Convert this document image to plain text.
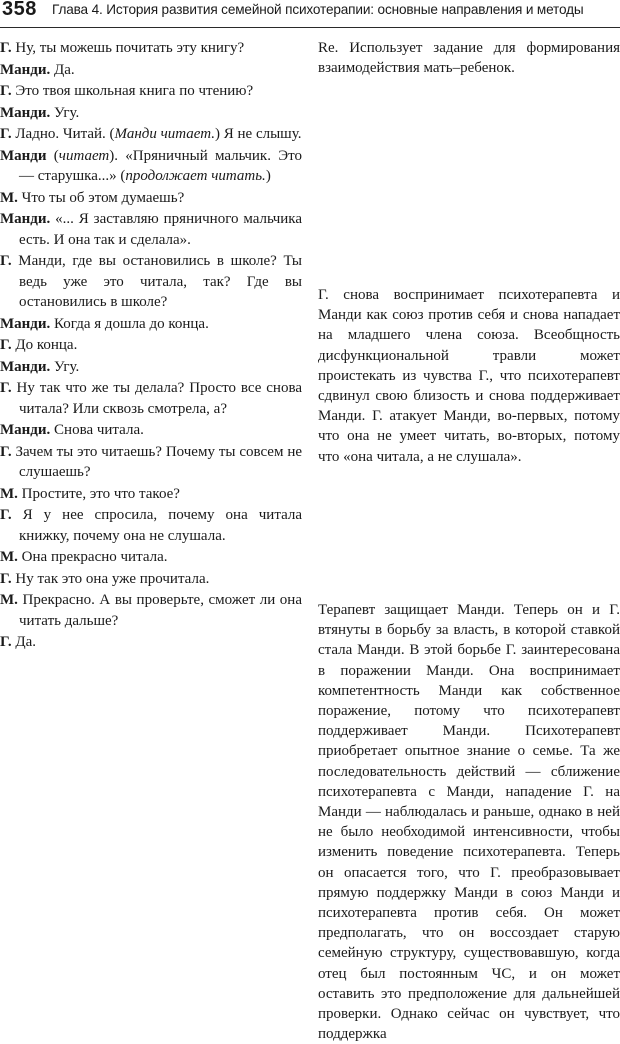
358 Глава 4. История развития семейной психотерапии: основные направления и методы
Г. Ну, ты можешь почитать эту книгу?
Манди. Да.
Г. Это твоя школьная книга по чтению?
Манди. Угу.
Г. Ладно. Читай. (Манди читает.) Я не слышу.
Манди (читает). «Пряничный мальчик. Это — старушка...» (продолжает читать.)
М. Что ты об этом думаешь?
Манди. «... Я заставляю пряничного мальчика есть. И она так и сделала».
Г. Манди, где вы остановились в школе? Ты ведь уже это читала, так? Где вы остановились в школе?
Манди. Когда я дошла до конца.
Г. До конца.
Манди. Угу.
Г. Ну так что же ты делала? Просто все снова читала? Или сквозь смотрела, а?
Манди. Снова читала.
Г. Зачем ты это читаешь? Почему ты совсем не слушаешь?
М. Простите, это что такое?
Г. Я у нее спросила, почему она читала книжку, почему она не слушала.
М. Она прекрасно читала.
Г. Ну так это она уже прочитала.
М. Прекрасно. А вы проверьте, сможет ли она читать дальше?
Г. Да.
Re. Использует задание для формирования взаимодействия мать–ребенок.
Г. снова воспринимает психотерапевта и Манди как союз против себя и снова нападает на младшего члена союза. Всеобщность дисфункциональной травли может проистекать из чувства Г., что психотерапевт сдвинул свою близость и снова поддерживает Манди. Г. атакует Манди, во-первых, потому что она не умеет читать, во-вторых, потому что «она читала, а не слушала».
Терапевт защищает Манди. Теперь он и Г. втянуты в борьбу за власть, в которой ставкой стала Манди. В этой борьбе Г. заинтересована в поражении Манди. Она воспринимает компетентность Манди как собственное поражение, потому что психотерапевт поддерживает Манди. Психотерапевт приобретает опытное знание о семье. Та же последовательность действий — сближение психотерапевта с Манди, нападение Г. на Манди — наблюдалась и раньше, однако в ней не было необходимой интенсивности, чтобы изменить поведение психотерапевта. Теперь он опасается того, что Г. преобразовывает прямую поддержку Манди в союз Манди и психотерапевта против себя. Он может предполагать, что он воссоздает старую семейную структуру, существовавшую, когда отец был постоянным ЧС, и он может оставить это предположение для дальнейшей проверки. Однако сейчас он чувствует, что поддержка
